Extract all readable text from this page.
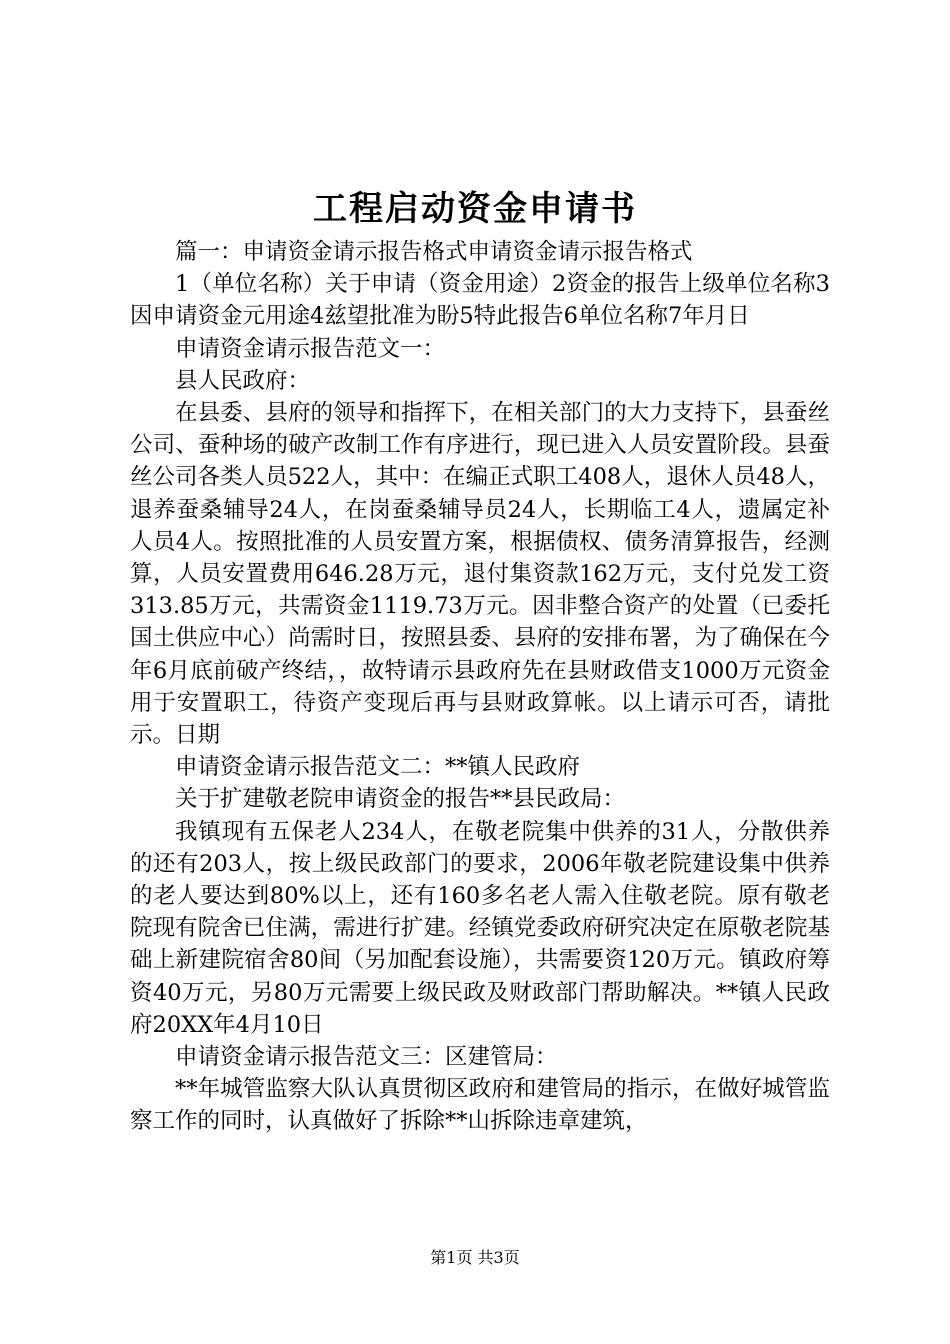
工程启动资金申请书

篇一：申请资金请示报告格式申请资金请示报告格式

1（单位名称）关于申请（资金用途）2资金的报告上级单位名称3因申请资金元用途4兹望批准为盼5特此报告6单位名称7年月日

申请资金请示报告范文一：

县人民政府：

在县委、县府的领导和指挥下，在相关部门的大力支持下，县蚕丝公司、蚕种场的破产改制工作有序进行，现已进入人员安置阶段。县蚕丝公司各类人员522人，其中：在编正式职工408人，退休人员48人，退养蚕桑辅导24人，在岗蚕桑辅导员24人，长期临工4人，遗属定补人员4人。按照批准的人员安置方案，根据债权、债务清算报告，经测算，人员安置费用646.28万元，退付集资款162万元，支付兑发工资313.85万元，共需资金1119.73万元。因非整合资产的处置（已委托国土供应中心）尚需时日，按照县委、县府的安排布署，为了确保在今年6月底前破产终结，，故特请示县政府先在县财政借支1000万元资金用于安置职工，待资产变现后再与县财政算帐。以上请示可否，请批示。日期

申请资金请示报告范文二：**镇人民政府

关于扩建敬老院申请资金的报告**县民政局：

我镇现有五保老人234人，在敬老院集中供养的31人，分散供养的还有203人，按上级民政部门的要求，2006年敬老院建设集中供养的老人要达到80%以上，还有160多名老人需入住敬老院。原有敬老院现有院舍已住满，需进行扩建。经镇党委政府研究决定在原敬老院基础上新建院宿舍80间（另加配套设施），共需要资120万元。镇政府筹资40万元，另80万元需要上级民政及财政部门帮助解决。**镇人民政府20XX年4月10日

申请资金请示报告范文三：区建管局：

**年城管监察大队认真贯彻区政府和建管局的指示，在做好城管监察工作的同时，认真做好了拆除**山拆除违章建筑，

第1页 共3页
